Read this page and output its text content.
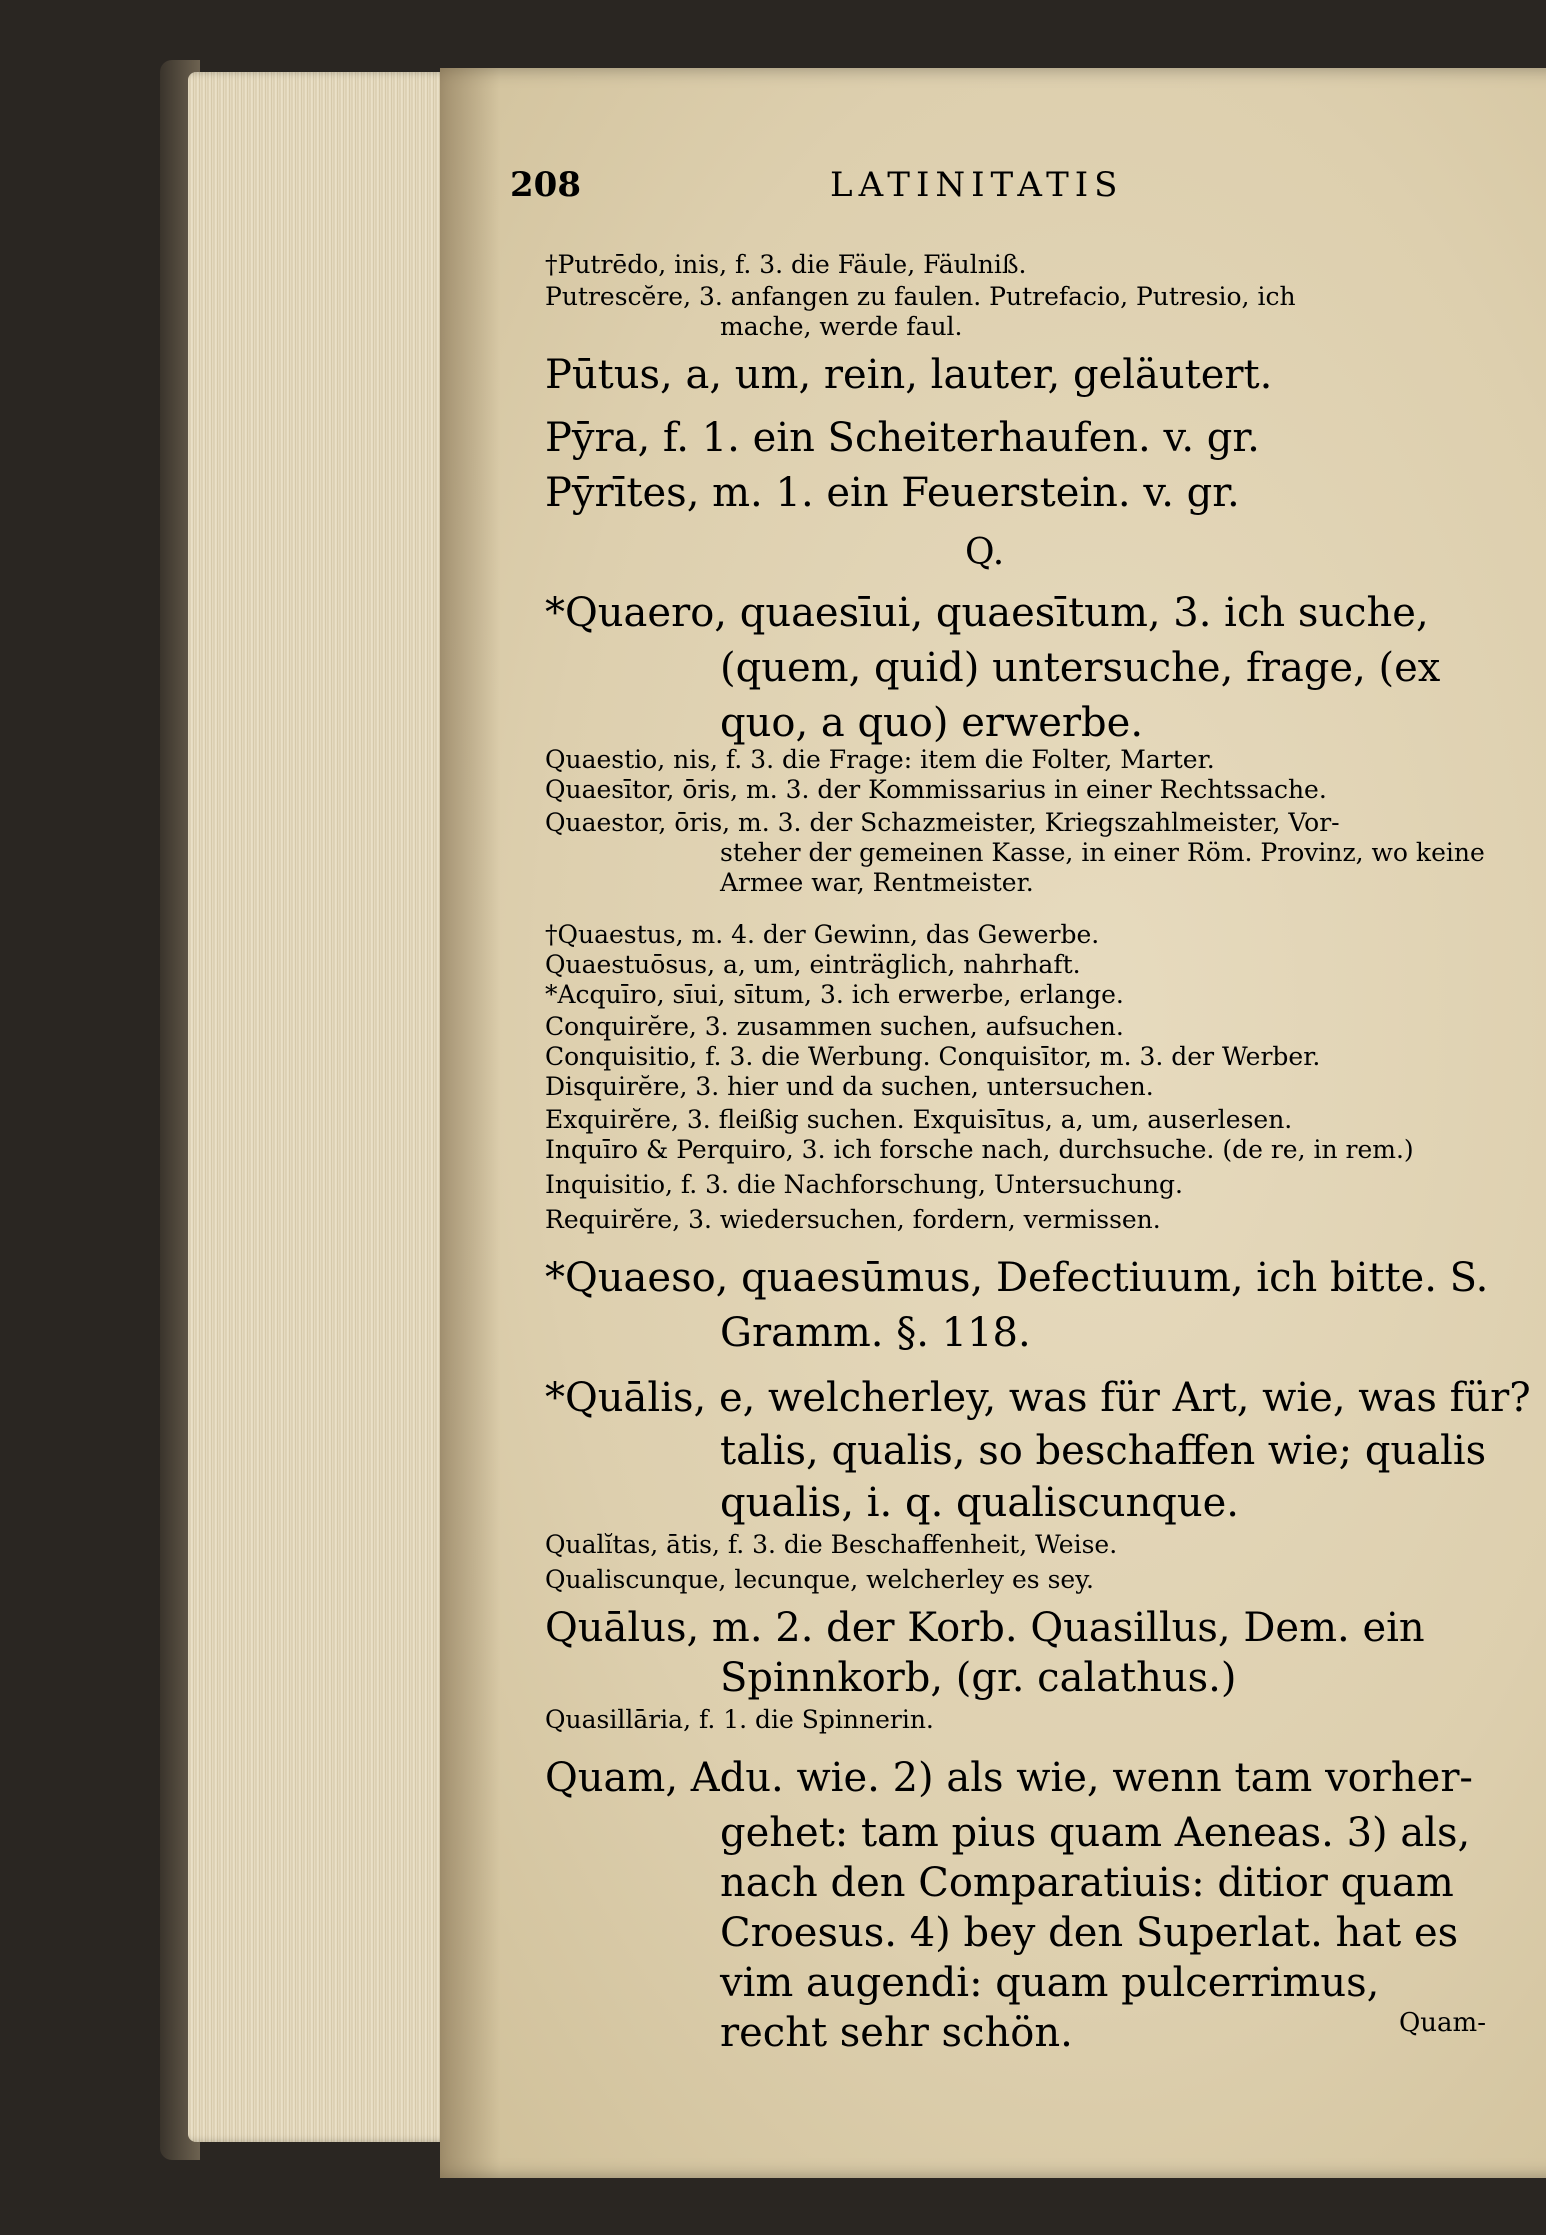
208	LATINITATIS
†Putrēdo, inis, f. 3. die Fäule, Fäulniß.
Putrescĕre, 3. anfangen zu faulen. Putrefacio, Putresio, ich
mache, werde faul.
Pūtus, a, um, rein, lauter, geläutert.
Pȳra, f. 1. ein Scheiterhaufen. v. gr.
Pȳrītes, m. 1. ein Feuerstein. v. gr.
Q.
*Quaero, quaesīui, quaesītum, 3. ich suche,
(quem, quid) untersuche, frage, (ex
quo, a quo) erwerbe.
Quaestio, nis, f. 3. die Frage: item die Folter, Marter.
Quaesītor, ōris, m. 3. der Kommissarius in einer Rechtssache.
Quaestor, ōris, m. 3. der Schazmeister, Kriegszahlmeister, Vor-
steher der gemeinen Kasse, in einer Röm. Provinz, wo keine
Armee war, Rentmeister.
†Quaestus, m. 4. der Gewinn, das Gewerbe.
Quaestuōsus, a, um, einträglich, nahrhaft.
*Acquīro, sīui, sītum, 3. ich erwerbe, erlange.
Conquirĕre, 3. zusammen suchen, aufsuchen.
Conquisitio, f. 3. die Werbung. Conquisītor, m. 3. der Werber.
Disquirĕre, 3. hier und da suchen, untersuchen.
Exquirĕre, 3. fleißig suchen. Exquisītus, a, um, auserlesen.
Inquīro & Perquiro, 3. ich forsche nach, durchsuche. (de re, in rem.)
Inquisitio, f. 3. die Nachforschung, Untersuchung.
Requirĕre, 3. wiedersuchen, fordern, vermissen.
*Quaeso, quaesūmus, Defectiuum, ich bitte. S.
Gramm. §. 118.
*Quālis, e, welcherley, was für Art, wie, was für?
talis, qualis, so beschaffen wie; qualis
qualis, i. q. qualiscunque.
Qualĭtas, ātis, f. 3. die Beschaffenheit, Weise.
Qualiscunque, lecunque, welcherley es sey.
Quālus, m. 2. der Korb. Quasillus, Dem. ein
Spinnkorb, (gr. calathus.)
Quasillāria, f. 1. die Spinnerin.
Quam, Adu. wie. 2) als wie, wenn tam vorher-
gehet: tam pius quam Aeneas. 3) als,
nach den Comparatiuis: ditior quam
Croesus. 4) bey den Superlat. hat es
vim augendi: quam pulcerrimus,
recht sehr schön.	Quam-
